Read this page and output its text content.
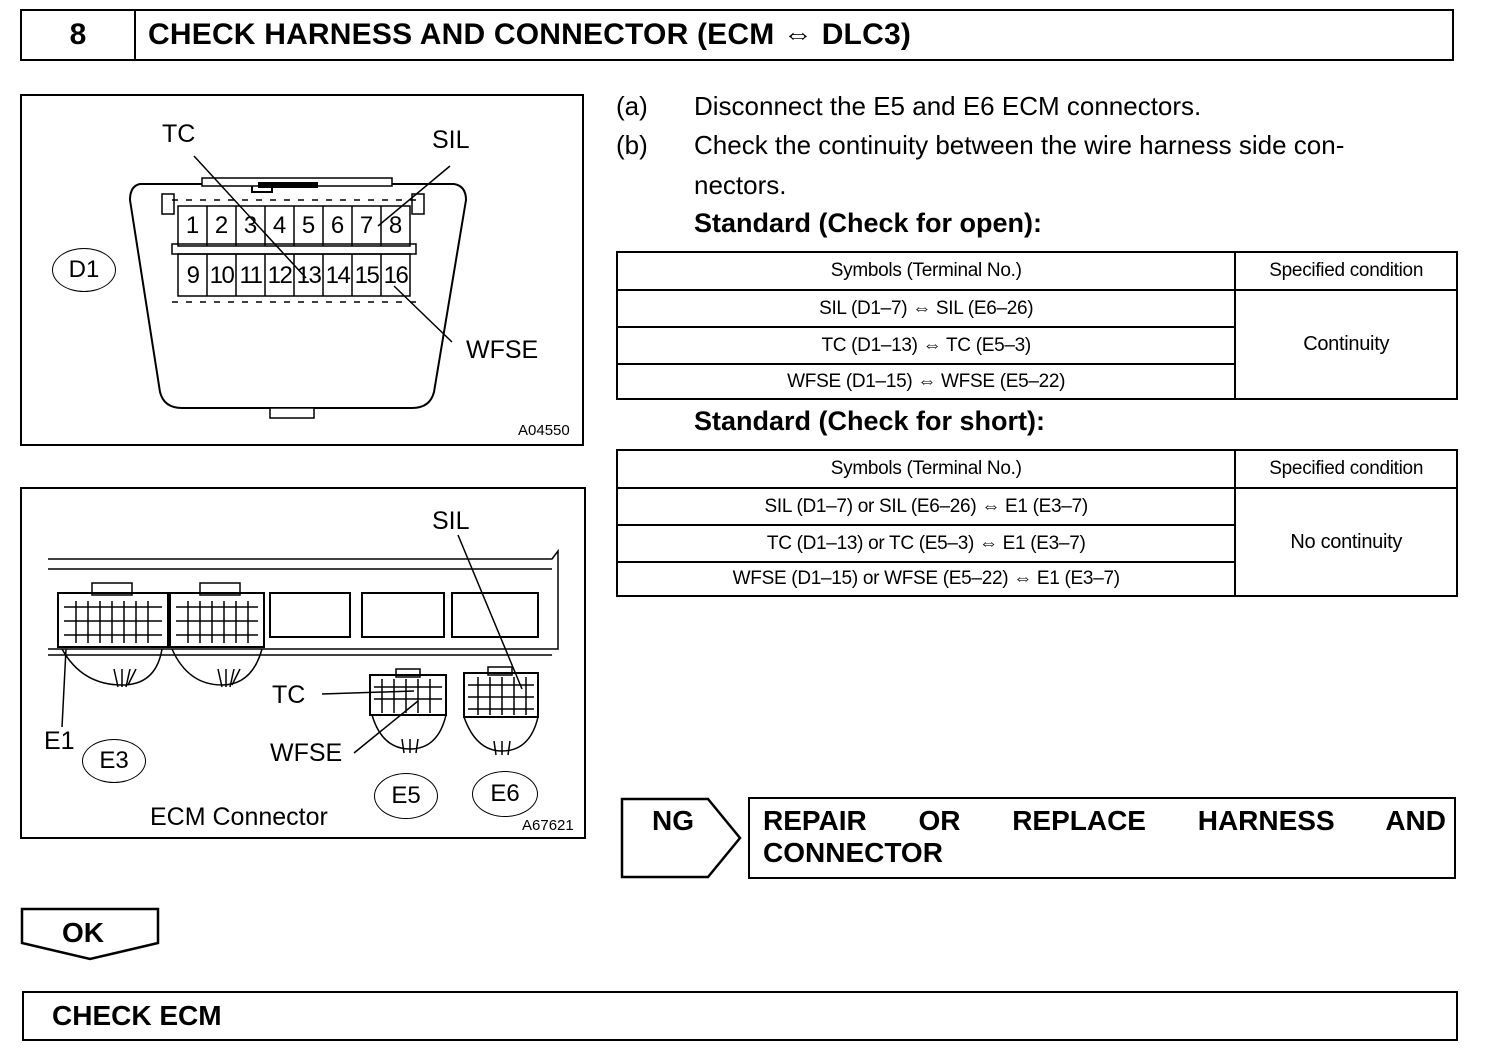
8	CHECK HARNESS AND CONNECTOR (ECM ⇔ DLC3)
1 2 3 4 5 6 7 8
9 10 11 12 13 14 15 16
TC	SIL
WFSE
D1
A04550
SIL
TC
WFSE
E1
E3
E5	E6
ECM Connector	A67621
(a) Disconnect the E5 and E6 ECM connectors.
(b) Check the continuity between the wire harness side con-
nectors.
Standard (Check for open):
Symbols (Terminal No.)	Specified condition
SIL (D1–7) ⇔ SIL (E6–26)	Continuity
TC (D1–13) ⇔ TC (E5–3)	
WFSE (D1–15) ⇔ WFSE (E5–22)	
Standard (Check for short):
Symbols (Terminal No.)	Specified condition
SIL (D1–7) or SIL (E6–26) ⇔ E1 (E3–7)	No continuity
TC (D1–13) or TC (E5–3) ⇔ E1 (E3–7)	
WFSE (D1–15) or WFSE (E5–22) ⇔ E1 (E3–7)	
NG REPAIR OR REPLACE HARNESS AND CONNECTOR
OK
CHECK ECM
